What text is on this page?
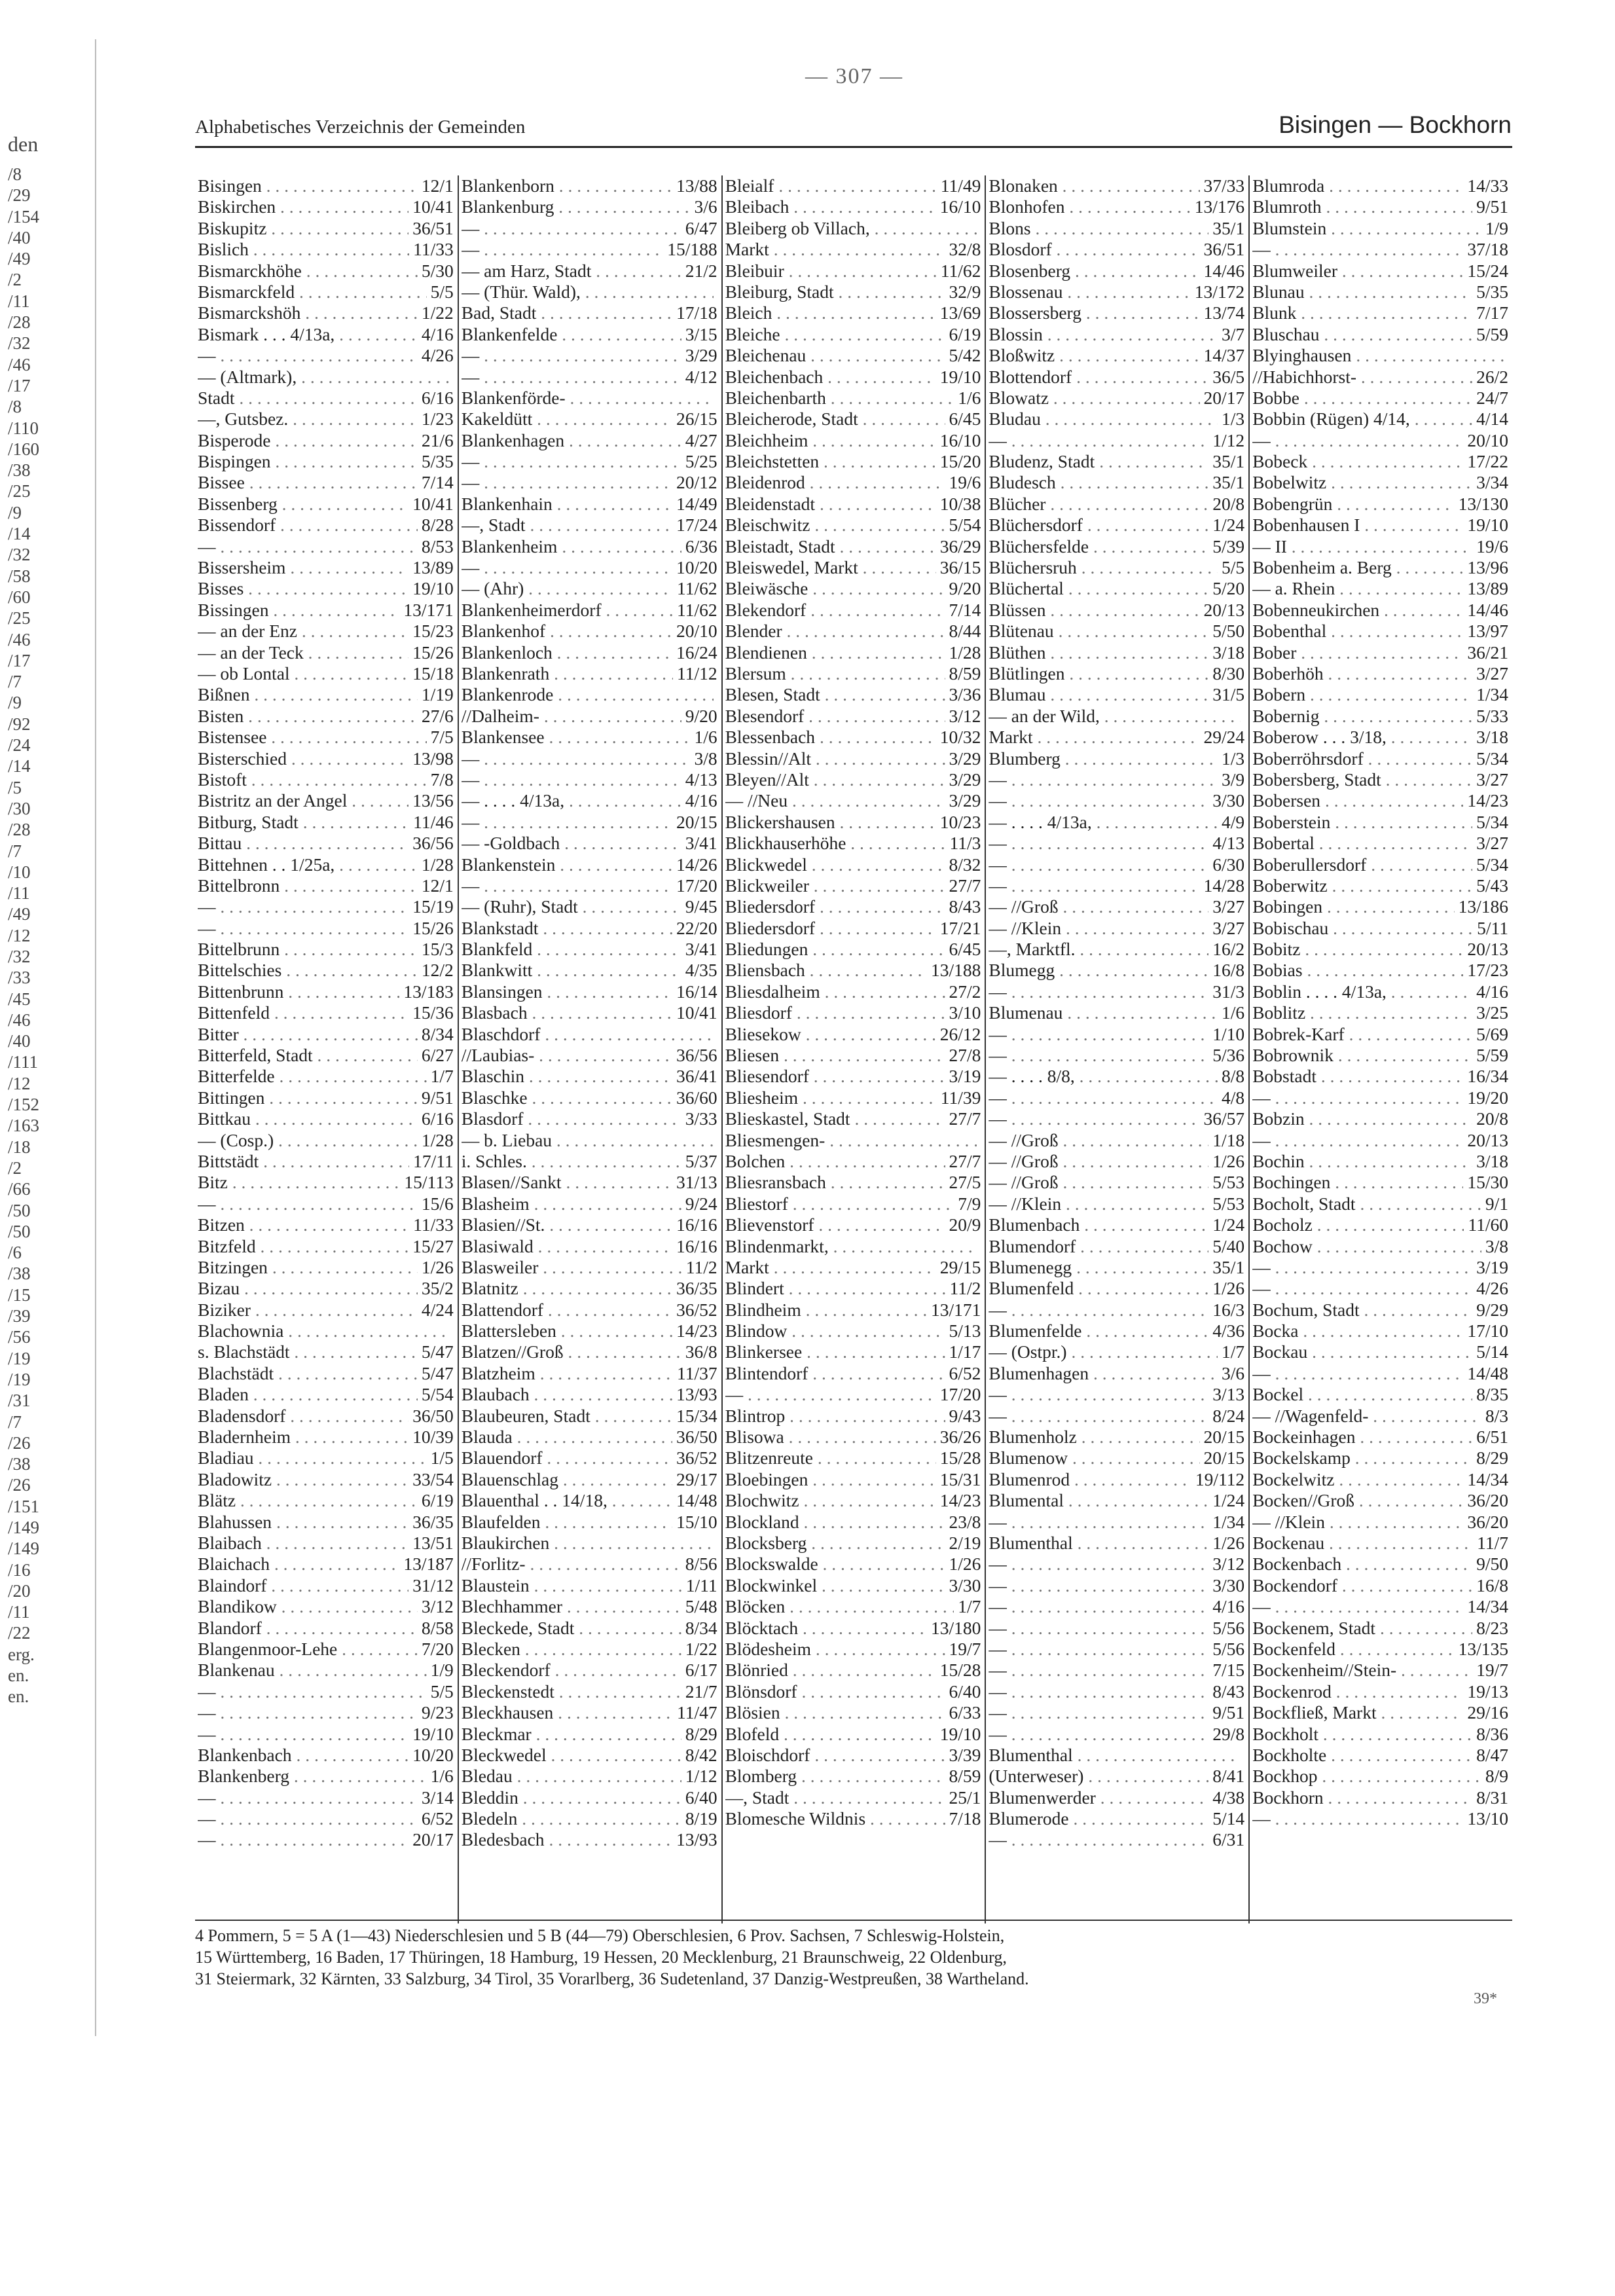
— 307 —
Alphabetisches Verzeichnis der Gemeinden	Bisingen — Bockhorn
den
/8
/29
/154
/40
/49
/2
/11
/28
/32
/46
/17
/8
/110
/160
/38
/25
/9
/14
/32
/58
/60
/25
/46
/17
/7
/9
/92
/24
/14
/5
/30
/28
/7
/10
/11
/49
/12
/32
/33
/45
/46
/40
/111
/12
/152
/163
/18
/2
/66
/50
/50
/6
/38
/15
/39
/56
/19
/19
/31
/7
/26
/38
/26
/151
/149
/149
/16
/20
/11
/22
erg.
en.
en.
Bisingen . . .	12/1
Biskirchen . . .	10/41
Biskupitz . . .	36/51
Bislich . . .	11/33
Bismarckhöhe . . .	5/30
Bismarckfeld . . .	5/5
Bismarckshöh . . .	1/22
Bismark . . . 4/13a, . . .	4/16
— . . .	4/26
— (Altmark), . . .
Stadt . . .	6/16
—, Gutsbez. . . .	1/23
Bisperode . . .	21/6
Bispingen . . .	5/35
Bissee . . .	7/14
Bissenberg . . .	10/41
Bissendorf . . .	8/28
— . . .	8/53
Bissersheim . . .	13/89
Bisses . . .	19/10
Bissingen . . .	13/171
— an der Enz . . .	15/23
— an der Teck . . .	15/26
— ob Lontal . . .	15/18
Bißnen . . .	1/19
Bisten . . .	27/6
Bistensee . . .	7/5
Bisterschied . . .	13/98
Bistoft . . .	7/8
Bistritz an der Angel . . .	13/56
Bitburg, Stadt . . .	11/46
Bittau . . .	36/56
Bittehnen . . 1/25a, . . .	1/28
Bittelbronn . . .	12/1
— . . .	15/19
— . . .	15/26
Bittelbrunn . . .	15/3
Bittelschies . . .	12/2
Bittenbrunn . . .	13/183
Bittenfeld . . .	15/36
Bitter . . .	8/34
Bitterfeld, Stadt . . .	6/27
Bitterfelde . . .	1/7
Bittingen . . .	9/51
Bittkau . . .	6/16
— (Cosp.) . . .	1/28
Bittstädt . . .	17/11
Bitz . . .	15/113
— . . .	15/6
Bitzen . . .	11/33
Bitzfeld . . .	15/27
Bitzingen . . .	1/26
Bizau . . .	35/2
Biziker . . .	4/24
Blachownia . . .
s. Blachstädt . . .	5/47
Blachstädt . . .	5/47
Bladen . . .	5/54
Bladensdorf . . .	36/50
Bladernheim . . .	10/39
Bladiau . . .	1/5
Bladowitz . . .	33/54
Blätz . . .	6/19
Blahussen . . .	36/35
Blaibach . . .	13/51
Blaichach . . .	13/187
Blaindorf . . .	31/12
Blandikow . . .	3/12
Blandorf . . .	8/58
Blangenmoor-Lehe . . .	7/20
Blankenau . . .	1/9
— . . .	5/5
— . . .	9/23
— . . .	19/10
Blankenbach . . .	10/20
Blankenberg . . .	1/6
— . . .	3/14
— . . .	6/52
— . . .	20/17
Blankenborn . . .	13/88
Blankenburg . . .	3/6
— . . .	6/47
— . . .	15/188
— am Harz, Stadt . . .	21/2
— (Thür. Wald), . . .
Bad, Stadt . . .	17/18
Blankenfelde . . .	3/15
— . . .	3/29
— . . .	4/12
Blankenförde- . . .
Kakeldütt . . .	26/15
Blankenhagen . . .	4/27
— . . .	5/25
— . . .	20/12
Blankenhain . . .	14/49
—, Stadt . . .	17/24
Blankenheim . . .	6/36
— . . .	10/20
— (Ahr) . . .	11/62
Blankenheimerdorf . . .	11/62
Blankenhof . . .	20/10
Blankenloch . . .	16/24
Blankenrath . . .	11/12
Blankenrode . . .
//Dalheim- . . .	9/20
Blankensee . . .	1/6
— . . .	3/8
— . . .	4/13
— . . . . 4/13a, . . .	4/16
— . . .	20/15
— -Goldbach . . .	3/41
Blankenstein . . .	14/26
— . . .	17/20
— (Ruhr), Stadt . . .	9/45
Blankstadt . . .	22/20
Blankfeld . . .	3/41
Blankwitt . . .	4/35
Blansingen . . .	16/14
Blasbach . . .	10/41
Blaschdorf . . .
//Laubias- . . .	36/56
Blaschin . . .	36/41
Blaschke . . .	36/60
Blasdorf . . .	3/33
— b. Liebau . . .
i. Schles. . . .	5/37
Blasen//Sankt . . .	31/13
Blasheim . . .	9/24
Blasien//St. . . .	16/16
Blasiwald . . .	16/16
Blasweiler . . .	11/2
Blatnitz . . .	36/35
Blattendorf . . .	36/52
Blattersleben . . .	14/23
Blatzen//Groß . . .	36/8
Blatzheim . . .	11/37
Blaubach . . .	13/93
Blaubeuren, Stadt . . .	15/34
Blauda . . .	36/50
Blauendorf . . .	36/52
Blauenschlag . . .	29/17
Blauenthal . . 14/18, . . .	14/48
Blaufelden . . .	15/10
Blaukirchen . . .
//Forlitz- . . .	8/56
Blaustein . . .	1/11
Blechhammer . . .	5/48
Bleckede, Stadt . . .	8/34
Blecken . . .	1/22
Bleckendorf . . .	6/17
Bleckenstedt . . .	21/7
Bleckhausen . . .	11/47
Bleckmar . . .	8/29
Bleckwedel . . .	8/42
Bledau . . .	1/12
Bleddin . . .	6/40
Bledeln . . .	8/19
Bledesbach . . .	13/93
Bleialf . . .	11/49
Bleibach . . .	16/10
Bleiberg ob Villach, . . .
Markt . . .	32/8
Bleibuir . . .	11/62
Bleiburg, Stadt . . .	32/9
Bleich . . .	13/69
Bleiche . . .	6/19
Bleichenau . . .	5/42
Bleichenbach . . .	19/10
Bleichenbarth . . .	1/6
Bleicherode, Stadt . . .	6/45
Bleichheim . . .	16/10
Bleichstetten . . .	15/20
Bleidenrod . . .	19/6
Bleidenstadt . . .	10/38
Bleischwitz . . .	5/54
Bleistadt, Stadt . . .	36/29
Bleiswedel, Markt . . .	36/15
Bleiwäsche . . .	9/20
Blekendorf . . .	7/14
Blender . . .	8/44
Blendienen . . .	1/28
Blersum . . .	8/59
Blesen, Stadt . . .	3/36
Blesendorf . . .	3/12
Blessenbach . . .	10/32
Blessin//Alt . . .	3/29
Bleyen//Alt . . .	3/29
— //Neu . . .	3/29
Blickershausen . . .	10/23
Blickhauserhöhe . . .	11/3
Blickwedel . . .	8/32
Blickweiler . . .	27/7
Bliedersdorf . . .	8/43
Bliedersdorf . . .	17/21
Bliedungen . . .	6/45
Bliensbach . . .	13/188
Bliesdalheim . . .	27/2
Bliesdorf . . .	3/10
Bliesekow . . .	26/12
Bliesen . . .	27/8
Bliesendorf . . .	3/19
Bliesheim . . .	11/39
Blieskastel, Stadt . . .	27/7
Bliesmengen- . . .
Bolchen . . .	27/7
Bliesransbach . . .	27/5
Bliestorf . . .	7/9
Blievenstorf . . .	20/9
Blindenmarkt, . . .
Markt . . .	29/15
Blindert . . .	11/2
Blindheim . . .	13/171
Blindow . . .	5/13
Blinkersee . . .	1/17
Blintendorf . . .	6/52
— . . .	17/20
Blintrop . . .	9/43
Blisowa . . .	36/26
Blitzenreute . . .	15/28
Bloebingen . . .	15/31
Blochwitz . . .	14/23
Blockland . . .	23/8
Blocksberg . . .	2/19
Blockswalde . . .	1/26
Blockwinkel . . .	3/30
Blöcken . . .	1/7
Blöcktach . . .	13/180
Blödesheim . . .	19/7
Blönried . . .	15/28
Blönsdorf . . .	6/40
Blösien . . .	6/33
Blofeld . . .	19/10
Bloischdorf . . .	3/39
Blomberg . . .	8/59
—, Stadt . . .	25/1
Blomesche Wildnis . . .	7/18
Blonaken . . .	37/33
Blonhofen . . .	13/176
Blons . . .	35/1
Blosdorf . . .	36/51
Blosenberg . . .	14/46
Blossenau . . .	13/172
Blossersberg . . .	13/74
Blossin . . .	3/7
Bloßwitz . . .	14/37
Blottendorf . . .	36/5
Blowatz . . .	20/17
Bludau . . .	1/3
— . . .	1/12
Bludenz, Stadt . . .	35/1
Bludesch . . .	35/1
Blücher . . .	20/8
Blüchersdorf . . .	1/24
Blüchersfelde . . .	5/39
Blüchersruh . . .	5/5
Blüchertal . . .	5/20
Blüssen . . .	20/13
Blütenau . . .	5/50
Blüthen . . .	3/18
Blütlingen . . .	8/30
Blumau . . .	31/5
— an der Wild, . . .
Markt . . .	29/24
Blumberg . . .	1/3
— . . .	3/9
— . . .	3/30
— . . . . 4/13a, . . .	4/9
— . . .	4/13
— . . .	6/30
— . . .	14/28
— //Groß . . .	3/27
— //Klein . . .	3/27
—, Marktfl. . . .	16/2
Blumegg . . .	16/8
— . . .	31/3
Blumenau . . .	1/6
— . . .	1/10
— . . .	5/36
— . . . . 8/8, . . .	8/8
— . . .	4/8
— . . .	36/57
— //Groß . . .	1/18
— //Groß . . .	1/26
— //Groß . . .	5/53
— //Klein . . .	5/53
Blumenbach . . .	1/24
Blumendorf . . .	5/40
Blumenegg . . .	35/1
Blumenfeld . . .	1/26
— . . .	16/3
Blumenfelde . . .	4/36
— (Ostpr.) . . .	1/7
Blumenhagen . . .	3/6
— . . .	3/13
— . . .	8/24
Blumenholz . . .	20/15
Blumenow . . .	20/15
Blumenrod . . .	19/112
Blumental . . .	1/24
— . . .	1/34
Blumenthal . . .	1/26
— . . .	3/12
— . . .	3/30
— . . .	4/16
— . . .	5/56
— . . .	5/56
— . . .	7/15
— . . .	8/43
— . . .	9/51
— . . .	29/8
Blumenthal . . .
(Unterweser) . . .	8/41
Blumenwerder . . .	4/38
Blumerode . . .	5/14
— . . .	6/31
Blumroda . . .	14/33
Blumroth . . .	9/51
Blumstein . . .	1/9
— . . .	37/18
Blumweiler . . .	15/24
Blunau . . .	5/35
Blunk . . .	7/17
Bluschau . . .	5/59
Blyinghausen . . .
//Habichhorst- . . .	26/2
Bobbe . . .	24/7
Bobbin (Rügen) 4/14, . . .	4/14
— . . .	20/10
Bobeck . . .	17/22
Bobelwitz . . .	3/34
Bobengrün . . .	13/130
Bobenhausen I . . .	19/10
— II . . .	19/6
Bobenheim a. Berg . . .	13/96
— a. Rhein . . .	13/89
Bobenneukirchen . . .	14/46
Bobenthal . . .	13/97
Bober . . .	36/21
Boberhöh . . .	3/27
Bobern . . .	1/34
Bobernig . . .	5/33
Boberow . . . 3/18, . . .	3/18
Boberröhrsdorf . . .	5/34
Bobersberg, Stadt . . .	3/27
Bobersen . . .	14/23
Boberstein . . .	5/34
Bobertal . . .	3/27
Boberullersdorf . . .	5/34
Boberwitz . . .	5/43
Bobingen . . .	13/186
Bobischau . . .	5/11
Bobitz . . .	20/13
Bobias . . .	17/23
Boblin . . . . 4/13a, . . .	4/16
Boblitz . . .	3/25
Bobrek-Karf . . .	5/69
Bobrownik . . .	5/59
Bobstadt . . .	16/34
— . . .	19/20
Bobzin . . .	20/8
— . . .	20/13
Bochin . . .	3/18
Bochingen . . .	15/30
Bocholt, Stadt . . .	9/1
Bocholz . . .	11/60
Bochow . . .	3/8
— . . .	3/19
— . . .	4/26
Bochum, Stadt . . .	9/29
Bocka . . .	17/10
Bockau . . .	5/14
— . . .	14/48
Bockel . . .	8/35
— //Wagenfeld- . . .	8/3
Bockeinhagen . . .	6/51
Bockelskamp . . .	8/29
Bockelwitz . . .	14/34
Bocken//Groß . . .	36/20
— //Klein . . .	36/20
Bockenau . . .	11/7
Bockenbach . . .	9/50
Bockendorf . . .	16/8
— . . .	14/34
Bockenem, Stadt . . .	8/23
Bockenfeld . . .	13/135
Bockenheim//Stein- . . .	19/7
Bockenrod . . .	19/13
Bockfließ, Markt . . .	29/16
Bockholt . . .	8/36
Bockholte . . .	8/47
Bockhop . . .	8/9
Bockhorn . . .	8/31
— . . .	13/10
4 Pommern, 5 = 5 A (1—43) Niederschlesien und 5 B (44—79) Oberschlesien, 6 Prov. Sachsen, 7 Schleswig-Holstein,
15 Württemberg, 16 Baden, 17 Thüringen, 18 Hamburg, 19 Hessen, 20 Mecklenburg, 21 Braunschweig, 22 Oldenburg,
31 Steiermark, 32 Kärnten, 33 Salzburg, 34 Tirol, 35 Vorarlberg, 36 Sudetenland, 37 Danzig-Westpreußen, 38 Wartheland.
39*
